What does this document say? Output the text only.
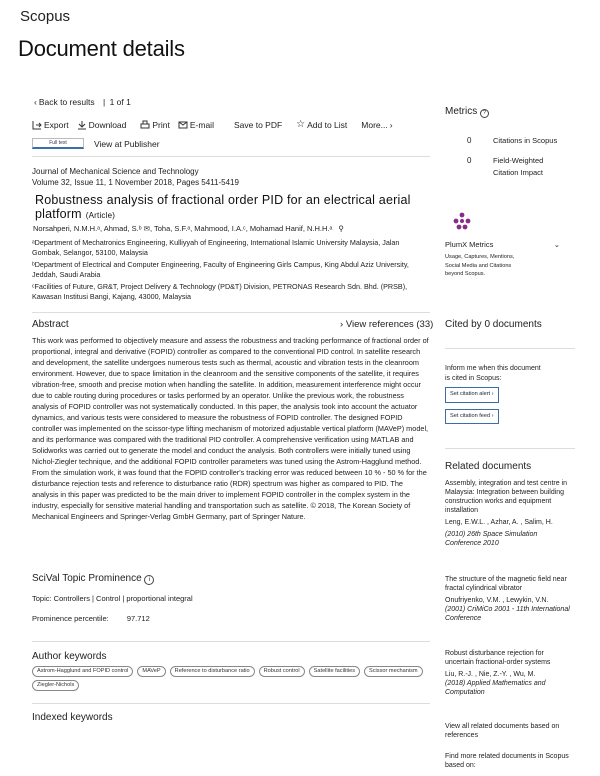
Scopus
Document details
‹ Back to results | 1 of 1
Export Download	Print E-mail Save to PDF ☆ Add to List More... ›
Full text	View at Publisher
Journal of Mechanical Science and Technology
Volume 32, Issue 11, 1 November 2018, Pages 5411-5419
Robustness analysis of fractional order PID for an electrical aerial platform (Article)
Norsahperi, N.M.H.ᵃ, Ahmad, S.ᵇ ✉, Toha, S.F.ᵃ, Mahmood, I.A.ᶜ, Mohamad Hanif, N.H.H.ᵃ ⚲

ᵃDepartment of Mechatronics Engineering, Kulliyyah of Engineering, International Islamic University Malaysia, Jalan Gombak, Selangor, 53100, Malaysia

ᵇDepartment of Electrical and Computer Engineering, Faculty of Engineering Girls Campus, King Abdul Aziz University, Jeddah, Saudi Arabia

ᶜFacilities of Future, GR&T, Project Delivery & Technology (PD&T) Division, PETRONAS Research Sdn. Bhd. (PRSB), Kawasan Institusi Bangi, Kajang, 43000, Malaysia

Abstract	› View references (33)
This work was performed to objectively measure and assess the robustness and tracking performance of fractional order of proportional, integral and derivative (FOPID) controller as compared to the conventional PID control. In satellite research and development, the satellite undergoes numerous tests such as thermal, acoustic and vibration tests in the cleanroom environment. However, due to space limitation in the cleanroom and the sensitive components of the satellite, it requires vibration-free, smooth and precise motion when handling the satellite. In addition, measurement interference might occur due to cable routing during procedures or tasks performed by an operator. Unlike the previous work, the robustness analysis of FOPID controller was not systematically conducted. In this paper, the analysis took into account the actuator dynamics, and various tests were considered to measure the robustness of FOPID controller. The designed FOPID controller was implemented on the scissor-type lifting mechanism of motorized adjustable vertical platform (MAVeP) model, and its performance was compared with the traditional PID controller. A comprehensive verification using MATLAB and Solidworks was carried out to generate the model and conduct the analysis. Both controllers were initially tuned using Nichol-Ziegler technique, and the additional FOPID controller parameters was tuned using the Astrom-Hagglund method. From the simulation work, it was found that the FOPID controller's tracking error was reduced between 10 % - 50 % for the disturbance rejection tests and reference to disturbance ratio (RDR) spectrum was higher as compared to PID. The analysis in this paper was predicted to be the main driver to implement FOPID controller in the complex system in the industry, especially for sensitive material handling and transportation such as satellite. © 2018, The Korean Society of Mechanical Engineers and Springer-Verlag GmbH Germany, part of Springer Nature.
SciVal Topic Prominence i
Topic: Controllers | Control | proportional integral
Prominence percentile: 97.712
Author keywords
Astrom-Hagglund and FOPID control	MAVeP	Reference to disturbance ratio	Robust control	Satellite facilities	Scissor mechanism
Ziegler-Nichols
Indexed keywords
Metrics ?
0	Citations in Scopus
0	Field-Weighted
Citation Impact
PlumX Metrics	⌄
Usage, Captures, Mentions,
Social Media and Citations
beyond Scopus.
Cited by 0 documents
Inform me when this document
is cited in Scopus:
Set citation alert ›
Set citation feed ›
Related documents

Assembly, integration and test centre in Malaysia: Integration between building construction works and equipment installation

Leng, E.W.L. , Azhar, A. , Salim, H.

(2010) 26th Space Simulation Conference 2010

The structure of the magnetic field near fractal cylindrical vibrator

Onufriyenko, V.M. , Lewykin, V.N.

(2001) CriMiCo 2001 - 11th International Conference

Robust disturbance rejection for uncertain fractional-order systems

Liu, R.-J. , Nie, Z.-Y. , Wu, M.

(2018) Applied Mathematics and Computation

View all related documents based on references
Find more related documents in Scopus based on:
